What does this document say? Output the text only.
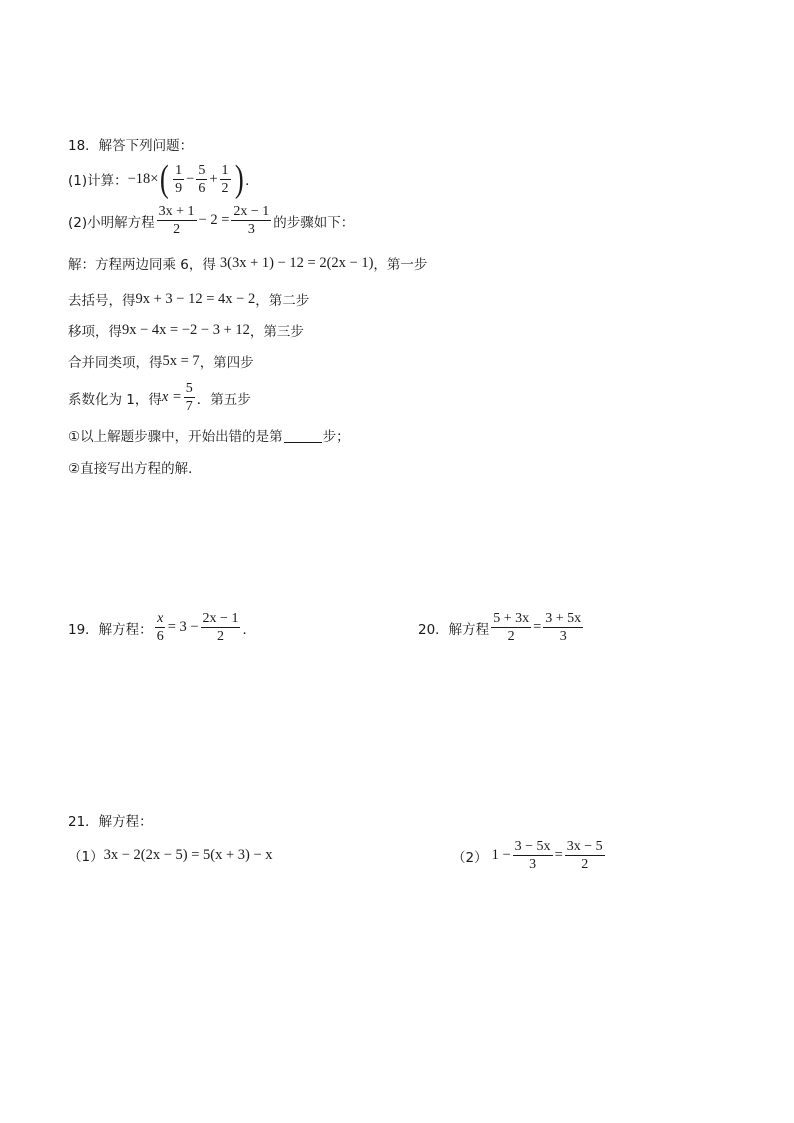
18．解答下列问题：
(1)计算： −18× ( $\frac{1}{9} - \frac{5}{6} + \frac{1}{2}$ ) ．
(2)小明解方程 $\frac{3x + 1}{2} - 2 = \frac{2x - 1}{3}$ 的步骤如下：
解：方程两边同乘 6，得 3(3x + 1) − 12 = 2(2x − 1) ，第一步
去括号，得 9x + 3 − 12 = 4x − 2 ，第二步
移项，得 9x − 4x = −2 − 3 + 12 ，第三步
合并同类项，得 5x = 7 ，第四步
系数化为 1，得 $x = \frac{5}{7}$ ．第五步
①以上解题步骤中，开始出错的是第	步；
②直接写出方程的解．
19．解方程： $\frac{x}{6} = 3 - \frac{2x - 1}{2}$ ．	20．解方程 $\frac{5 + 3x}{2} = \frac{3 + 5x}{3}$
21．解方程：
（1） 3x − 2(2x − 5) = 5(x + 3) − x	（2） $1 - \frac{3 - 5x}{3} = \frac{3x - 5}{2}$
